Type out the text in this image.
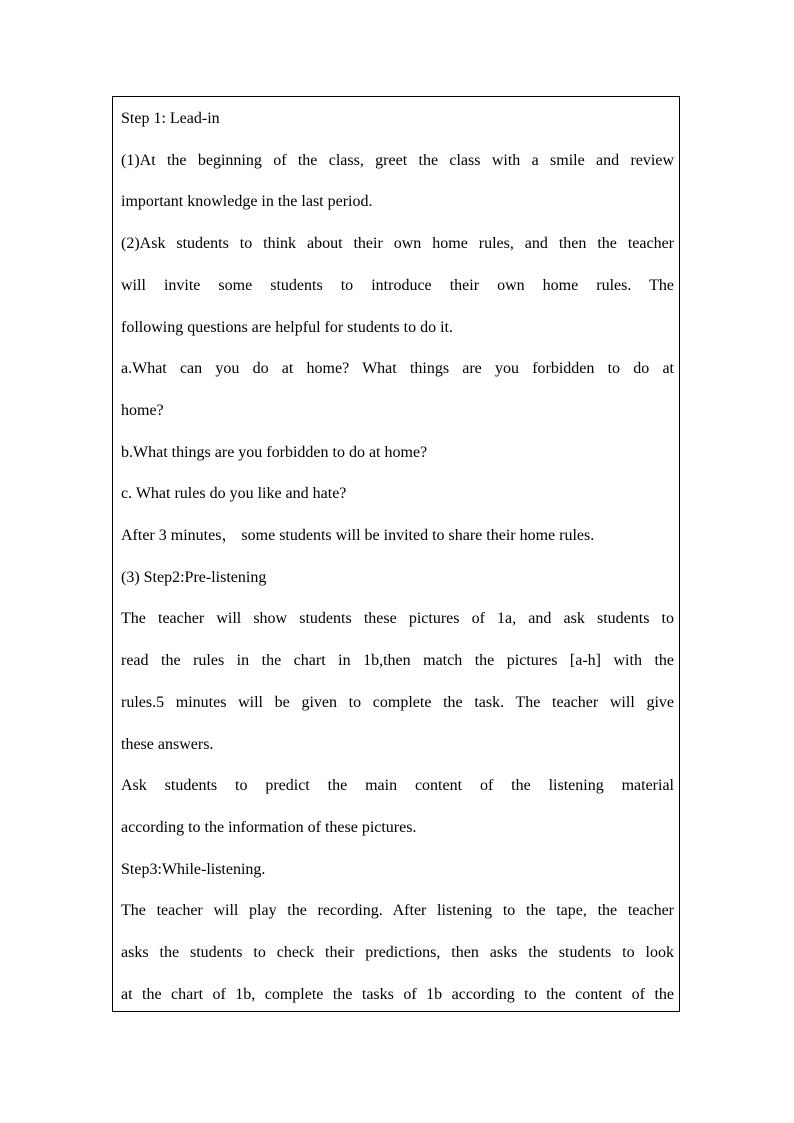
Step 1: Lead-in
(1)At the beginning of the class, greet the class with a smile and review
important knowledge in the last period.
(2)Ask students to think about their own home rules, and then the teacher
will invite some students to introduce their own home rules. The
following questions are helpful for students to do it.
a.What can you do at home? What things are you forbidden to do at
home?
b.What things are you forbidden to do at home?
c. What rules do you like and hate?
After 3 minutes， some students will be invited to share their home rules.
(3) Step2:Pre-listening
The teacher will show students these pictures of 1a, and ask students to
read the rules in the chart in 1b,then match the pictures [a-h] with the
rules.5 minutes will be given to complete the task. The teacher will give
these answers.
Ask students to predict the main content of the listening material
according to the information of these pictures.
Step3:While-listening.
The teacher will play the recording. After listening to the tape, the teacher
asks the students to check their predictions, then asks the students to look
at the chart of 1b, complete the tasks of 1b according to the content of the
